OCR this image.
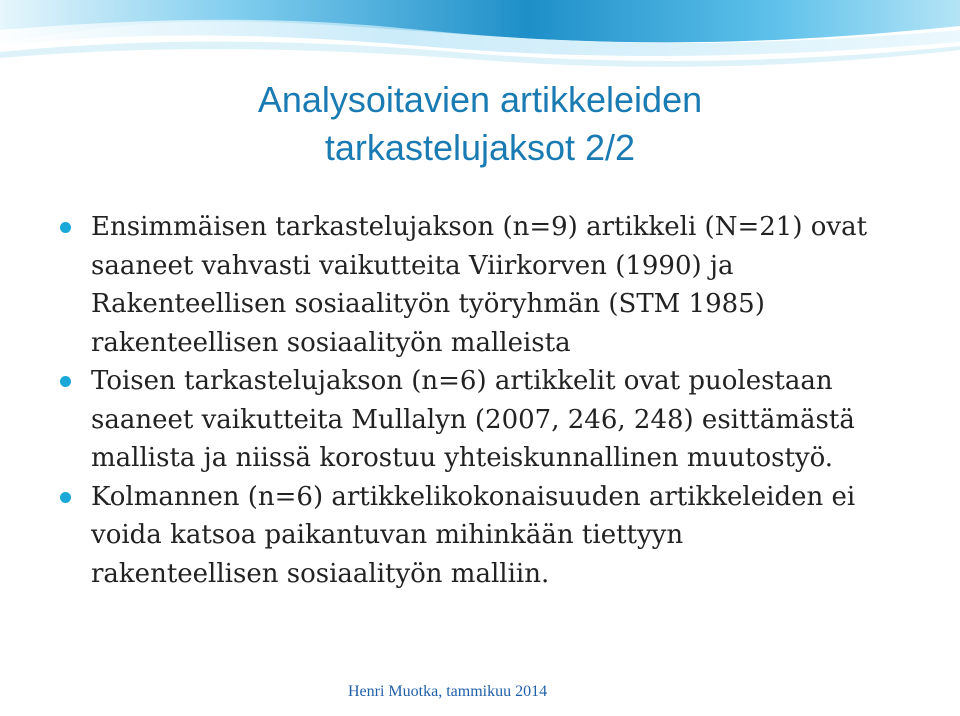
Analysoitavien artikkeleiden
tarkastelujaksot 2/2
Ensimmäisen tarkastelujakson (n=9) artikkeli (N=21) ovat
saaneet vahvasti vaikutteita Viirkorven (1990) ja
Rakenteellisen sosiaalityön työryhmän (STM 1985)
rakenteellisen sosiaalityön malleista
Toisen tarkastelujakson (n=6) artikkelit ovat puolestaan
saaneet vaikutteita Mullalyn (2007, 246, 248) esittämästä
mallista ja niissä korostuu yhteiskunnallinen muutostyö.
Kolmannen (n=6) artikkelikokonaisuuden artikkeleiden ei
voida katsoa paikantuvan mihinkään tiettyyn
rakenteellisen sosiaalityön malliin.
Henri Muotka, tammikuu 2014
